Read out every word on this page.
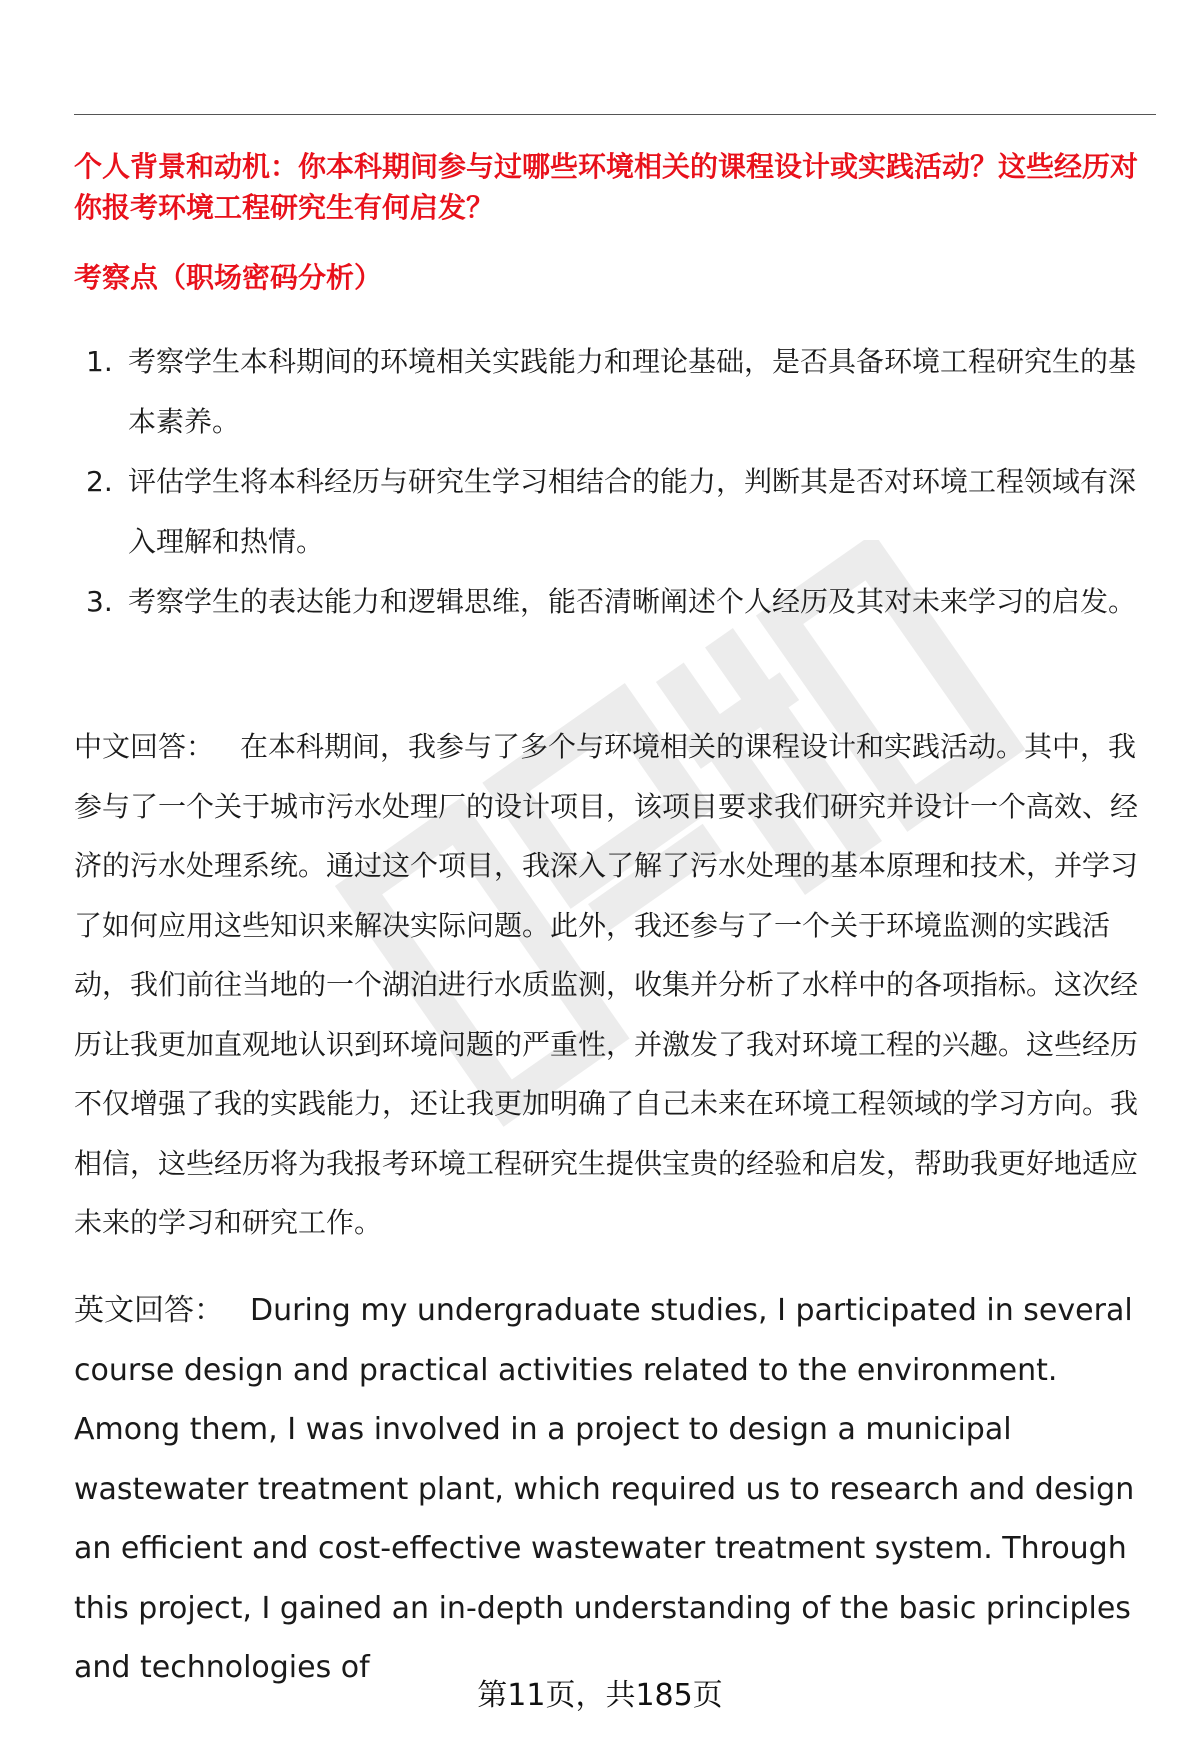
个人背景和动机：你本科期间参与过哪些环境相关的课程设计或实践活动？这些经历对你报考环境工程研究生有何启发？
考察点（职场密码分析）
1. 考察学生本科期间的环境相关实践能力和理论基础，是否具备环境工程研究生的基本素养。
2. 评估学生将本科经历与研究生学习相结合的能力，判断其是否对环境工程领域有深入理解和热情。
3. 考察学生的表达能力和逻辑思维，能否清晰阐述个人经历及其对未来学习的启发。
中文回答： 在本科期间，我参与了多个与环境相关的课程设计和实践活动。其中，我参与了一个关于城市污水处理厂的设计项目，该项目要求我们研究并设计一个高效、经济的污水处理系统。通过这个项目，我深入了解了污水处理的基本原理和技术，并学习了如何应用这些知识来解决实际问题。此外，我还参与了一个关于环境监测的实践活动，我们前往当地的一个湖泊进行水质监测，收集并分析了水样中的各项指标。这次经历让我更加直观地认识到环境问题的严重性，并激发了我对环境工程的兴趣。这些经历不仅增强了我的实践能力，还让我更加明确了自己未来在环境工程领域的学习方向。我相信，这些经历将为我报考环境工程研究生提供宝贵的经验和启发，帮助我更好地适应未来的学习和研究工作。
英文回答： During my undergraduate studies, I participated in several course design and practical activities related to the environment. Among them, I was involved in a project to design a municipal wastewater treatment plant, which required us to research and design an efficient and cost-effective wastewater treatment system. Through this project, I gained an in-depth understanding of the basic principles and technologies of
第11页，共185页
